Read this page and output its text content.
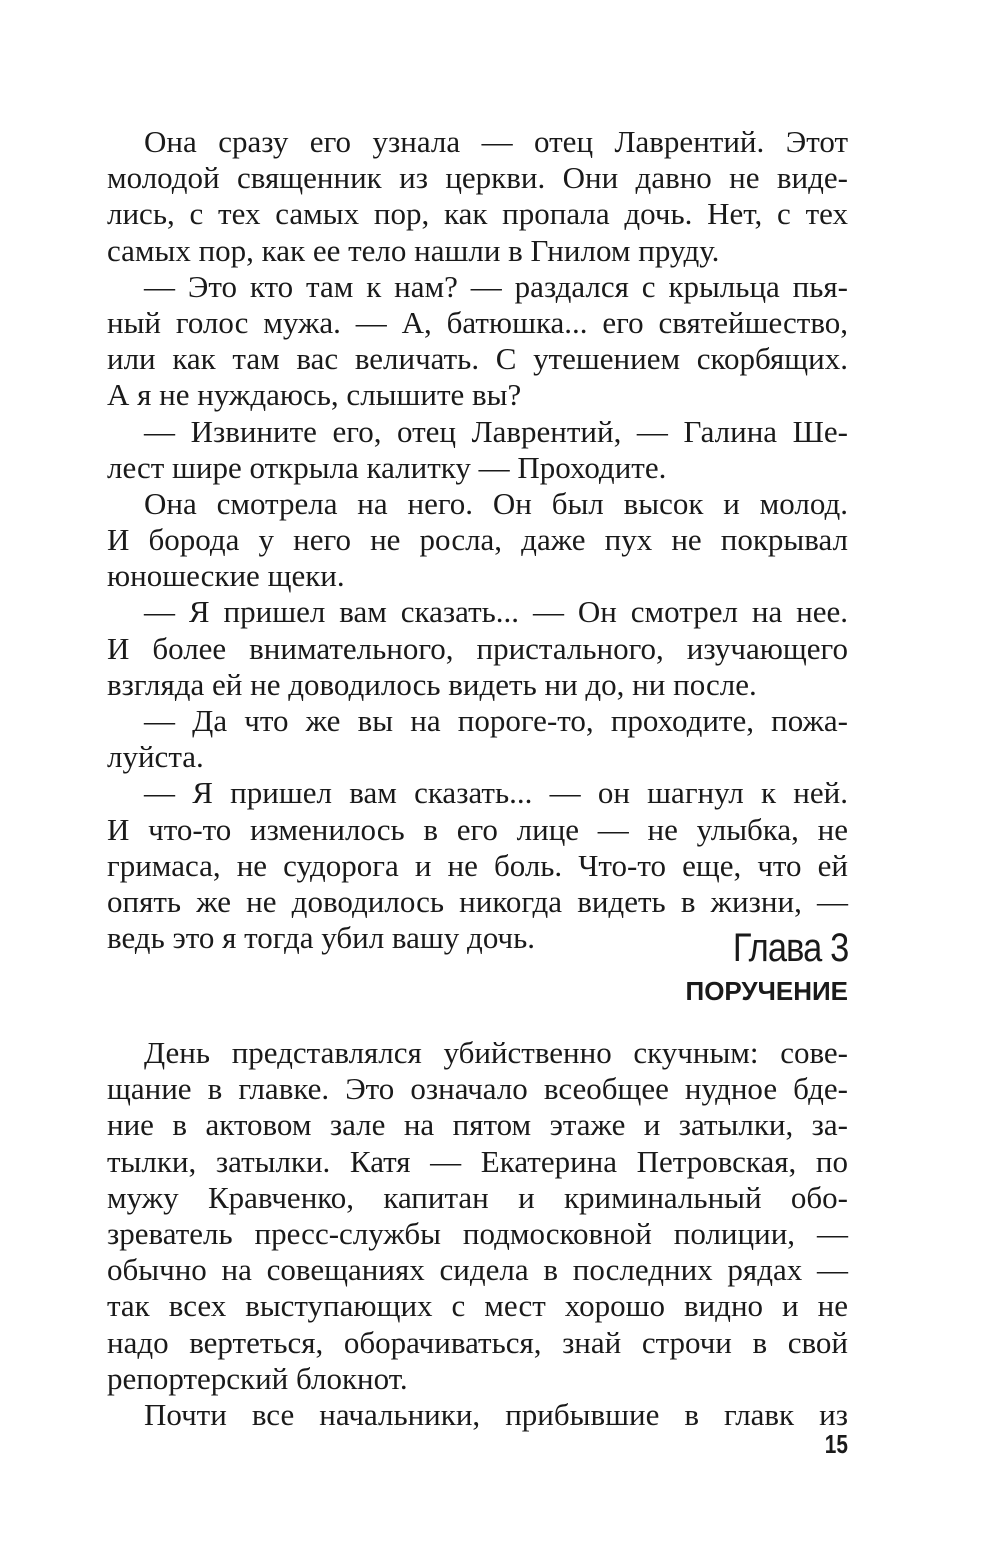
Она сразу его узнала — отец Лаврентий. Этот
молодой священник из церкви. Они давно не виде-
лись, с тех самых пор, как пропала дочь. Нет, с тех
самых пор, как ее тело нашли в Гнилом пруду.
— Это кто там к нам? — раздался с крыльца пья-
ный голос мужа. — А, батюшка... его святейшество,
или как там вас величать. С утешением скорбящих.
А я не нуждаюсь, слышите вы?
— Извините его, отец Лаврентий, — Галина Ше-
лест шире открыла калитку — Проходите.
Она смотрела на него. Он был высок и молод.
И борода у него не росла, даже пух не покрывал
юношеские щеки.
— Я пришел вам сказать... — Он смотрел на нее.
И более внимательного, пристального, изучающего
взгляда ей не доводилось видеть ни до, ни после.
— Да что же вы на пороге-то, проходите, пожа-
луйста.
— Я пришел вам сказать... — он шагнул к ней.
И что-то изменилось в его лице — не улыбка, не
гримаса, не судорога и не боль. Что-то еще, что ей
опять же не доводилось никогда видеть в жизни, —
ведь это я тогда убил вашу дочь.	Глава 3
ПОРУЧЕНИЕ
День представлялся убийственно скучным: сове-
щание в главке. Это означало всеобщее нудное бде-
ние в актовом зале на пятом этаже и затылки, за-
тылки, затылки. Катя — Екатерина Петровская, по
мужу Кравченко, капитан и криминальный обо-
зреватель пресс-службы подмосковной полиции, —
обычно на совещаниях сидела в последних рядах —
так всех выступающих с мест хорошо видно и не
надо вертеться, оборачиваться, знай строчи в свой
репортерский блокнот.
Почти все начальники, прибывшие в главк из
15
